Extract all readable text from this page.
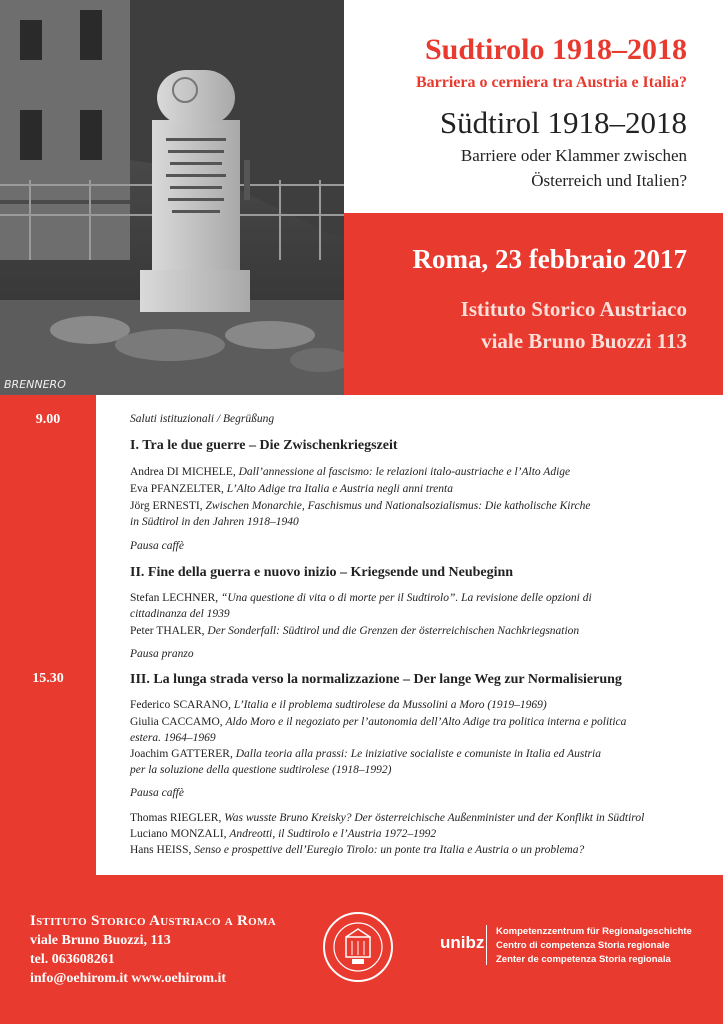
BRENNERO
Sudtirolo 1918–2018
Barriera o cerniera tra Austria e Italia?
Südtirol 1918–2018
Barriere oder Klammer zwischen
Österreich und Italien?
Roma, 23 febbraio 2017
Istituto Storico Austriaco
viale Bruno Buozzi 113
9.00
15.30
Saluti istituzionali / Begrüßung
I. Tra le due guerre – Die Zwischenkriegszeit
Andrea DI MICHELE, Dall’annessione al fascismo: le relazioni italo-austriache e l’Alto Adige
Eva PFANZELTER, L’Alto Adige tra Italia e Austria negli anni trenta
Jörg ERNESTI, Zwischen Monarchie, Faschismus und Nationalsozialismus: Die katholische Kirche
in Südtirol in den Jahren 1918–1940
Pausa caffè
II. Fine della guerra e nuovo inizio – Kriegsende und Neubeginn
Stefan LECHNER, “Una questione di vita o di morte per il Sudtirolo”. La revisione delle opzioni di
cittadinanza del 1939
Peter THALER, Der Sonderfall: Südtirol und die Grenzen der österreichischen Nachkriegsnation
Pausa pranzo
III. La lunga strada verso la normalizzazione – Der lange Weg zur Normalisierung
Federico SCARANO, L’Italia e il problema sudtirolese da Mussolini a Moro (1919–1969)
Giulia CACCAMO, Aldo Moro e il negoziato per l’autonomia dell’Alto Adige tra politica interna e politica
estera. 1964–1969
Joachim GATTERER, Dalla teoria alla prassi: Le iniziative socialiste e comuniste in Italia ed Austria
per la soluzione della questione sudtirolese (1918–1992)
Pausa caffè
Thomas RIEGLER, Was wusste Bruno Kreisky? Der österreichische Außenminister und der Konflikt in Südtirol
Luciano MONZALI, Andreotti, il Sudtirolo e l’Austria 1972–1992
Hans HEISS, Senso e prospettive dell’Euregio Tirolo: un ponte tra Italia e Austria o un problema?
Istituto Storico Austriaco a Roma
viale Bruno Buozzi, 113
tel. 063608261
info@oehirom.it www.oehirom.it
unibz
Kompetenzzentrum für Regionalgeschichte
Centro di competenza Storia regionale
Zenter de competenza Storia regionala
